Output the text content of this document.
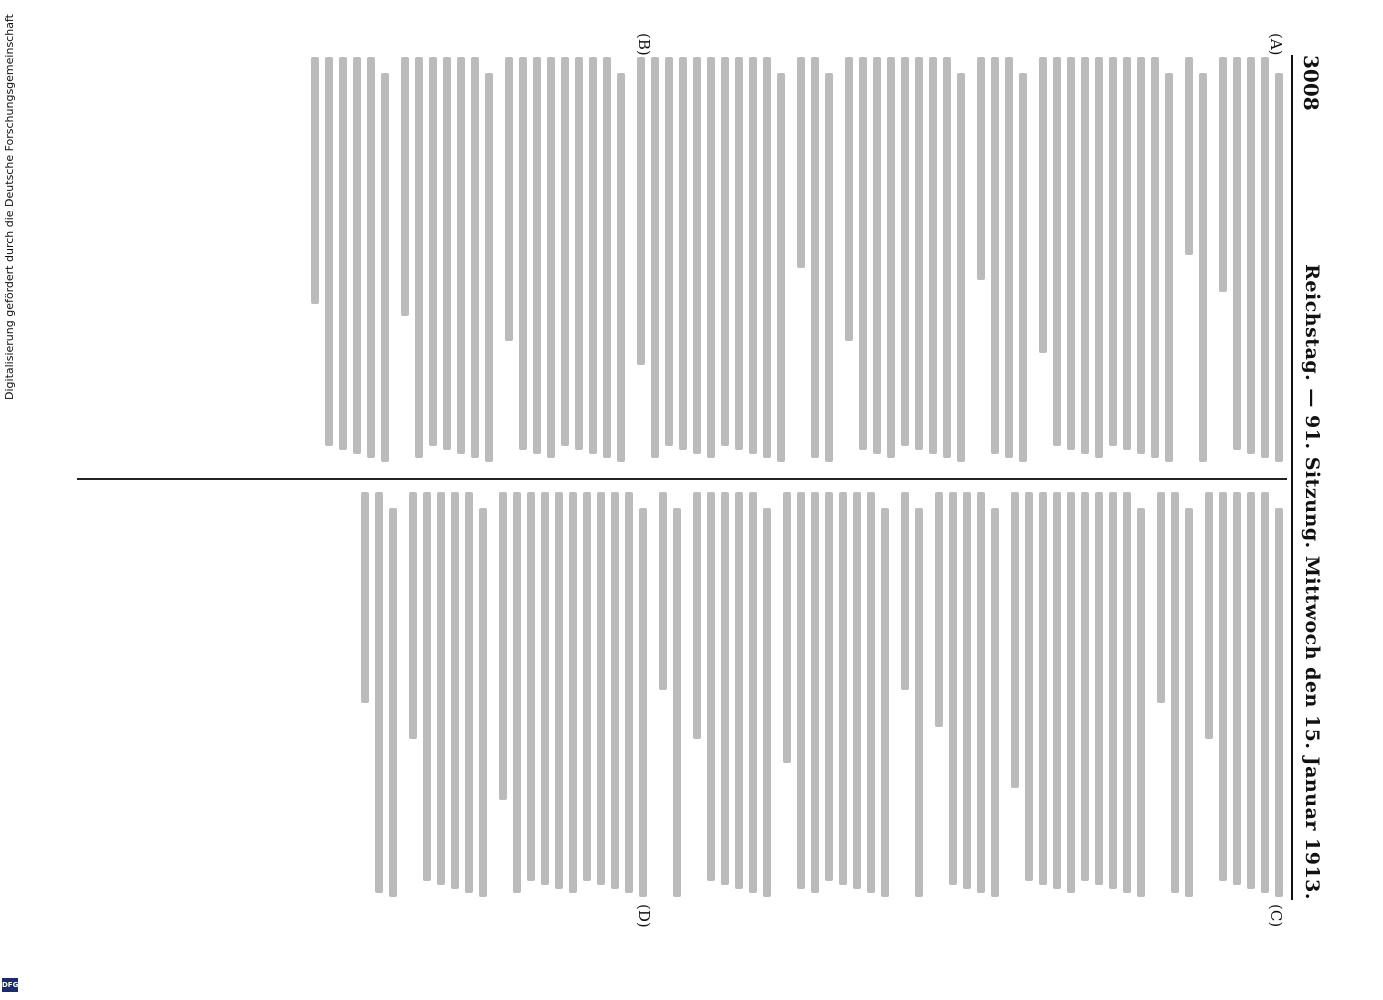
3008
Reichstag. — 91. Sitzung. Mittwoch den 15. Januar 1913.
(A)
(B)
(C)
(D)
Digitalisierung gefördert durch die Deutsche Forschungsgemeinschaft
DFG
